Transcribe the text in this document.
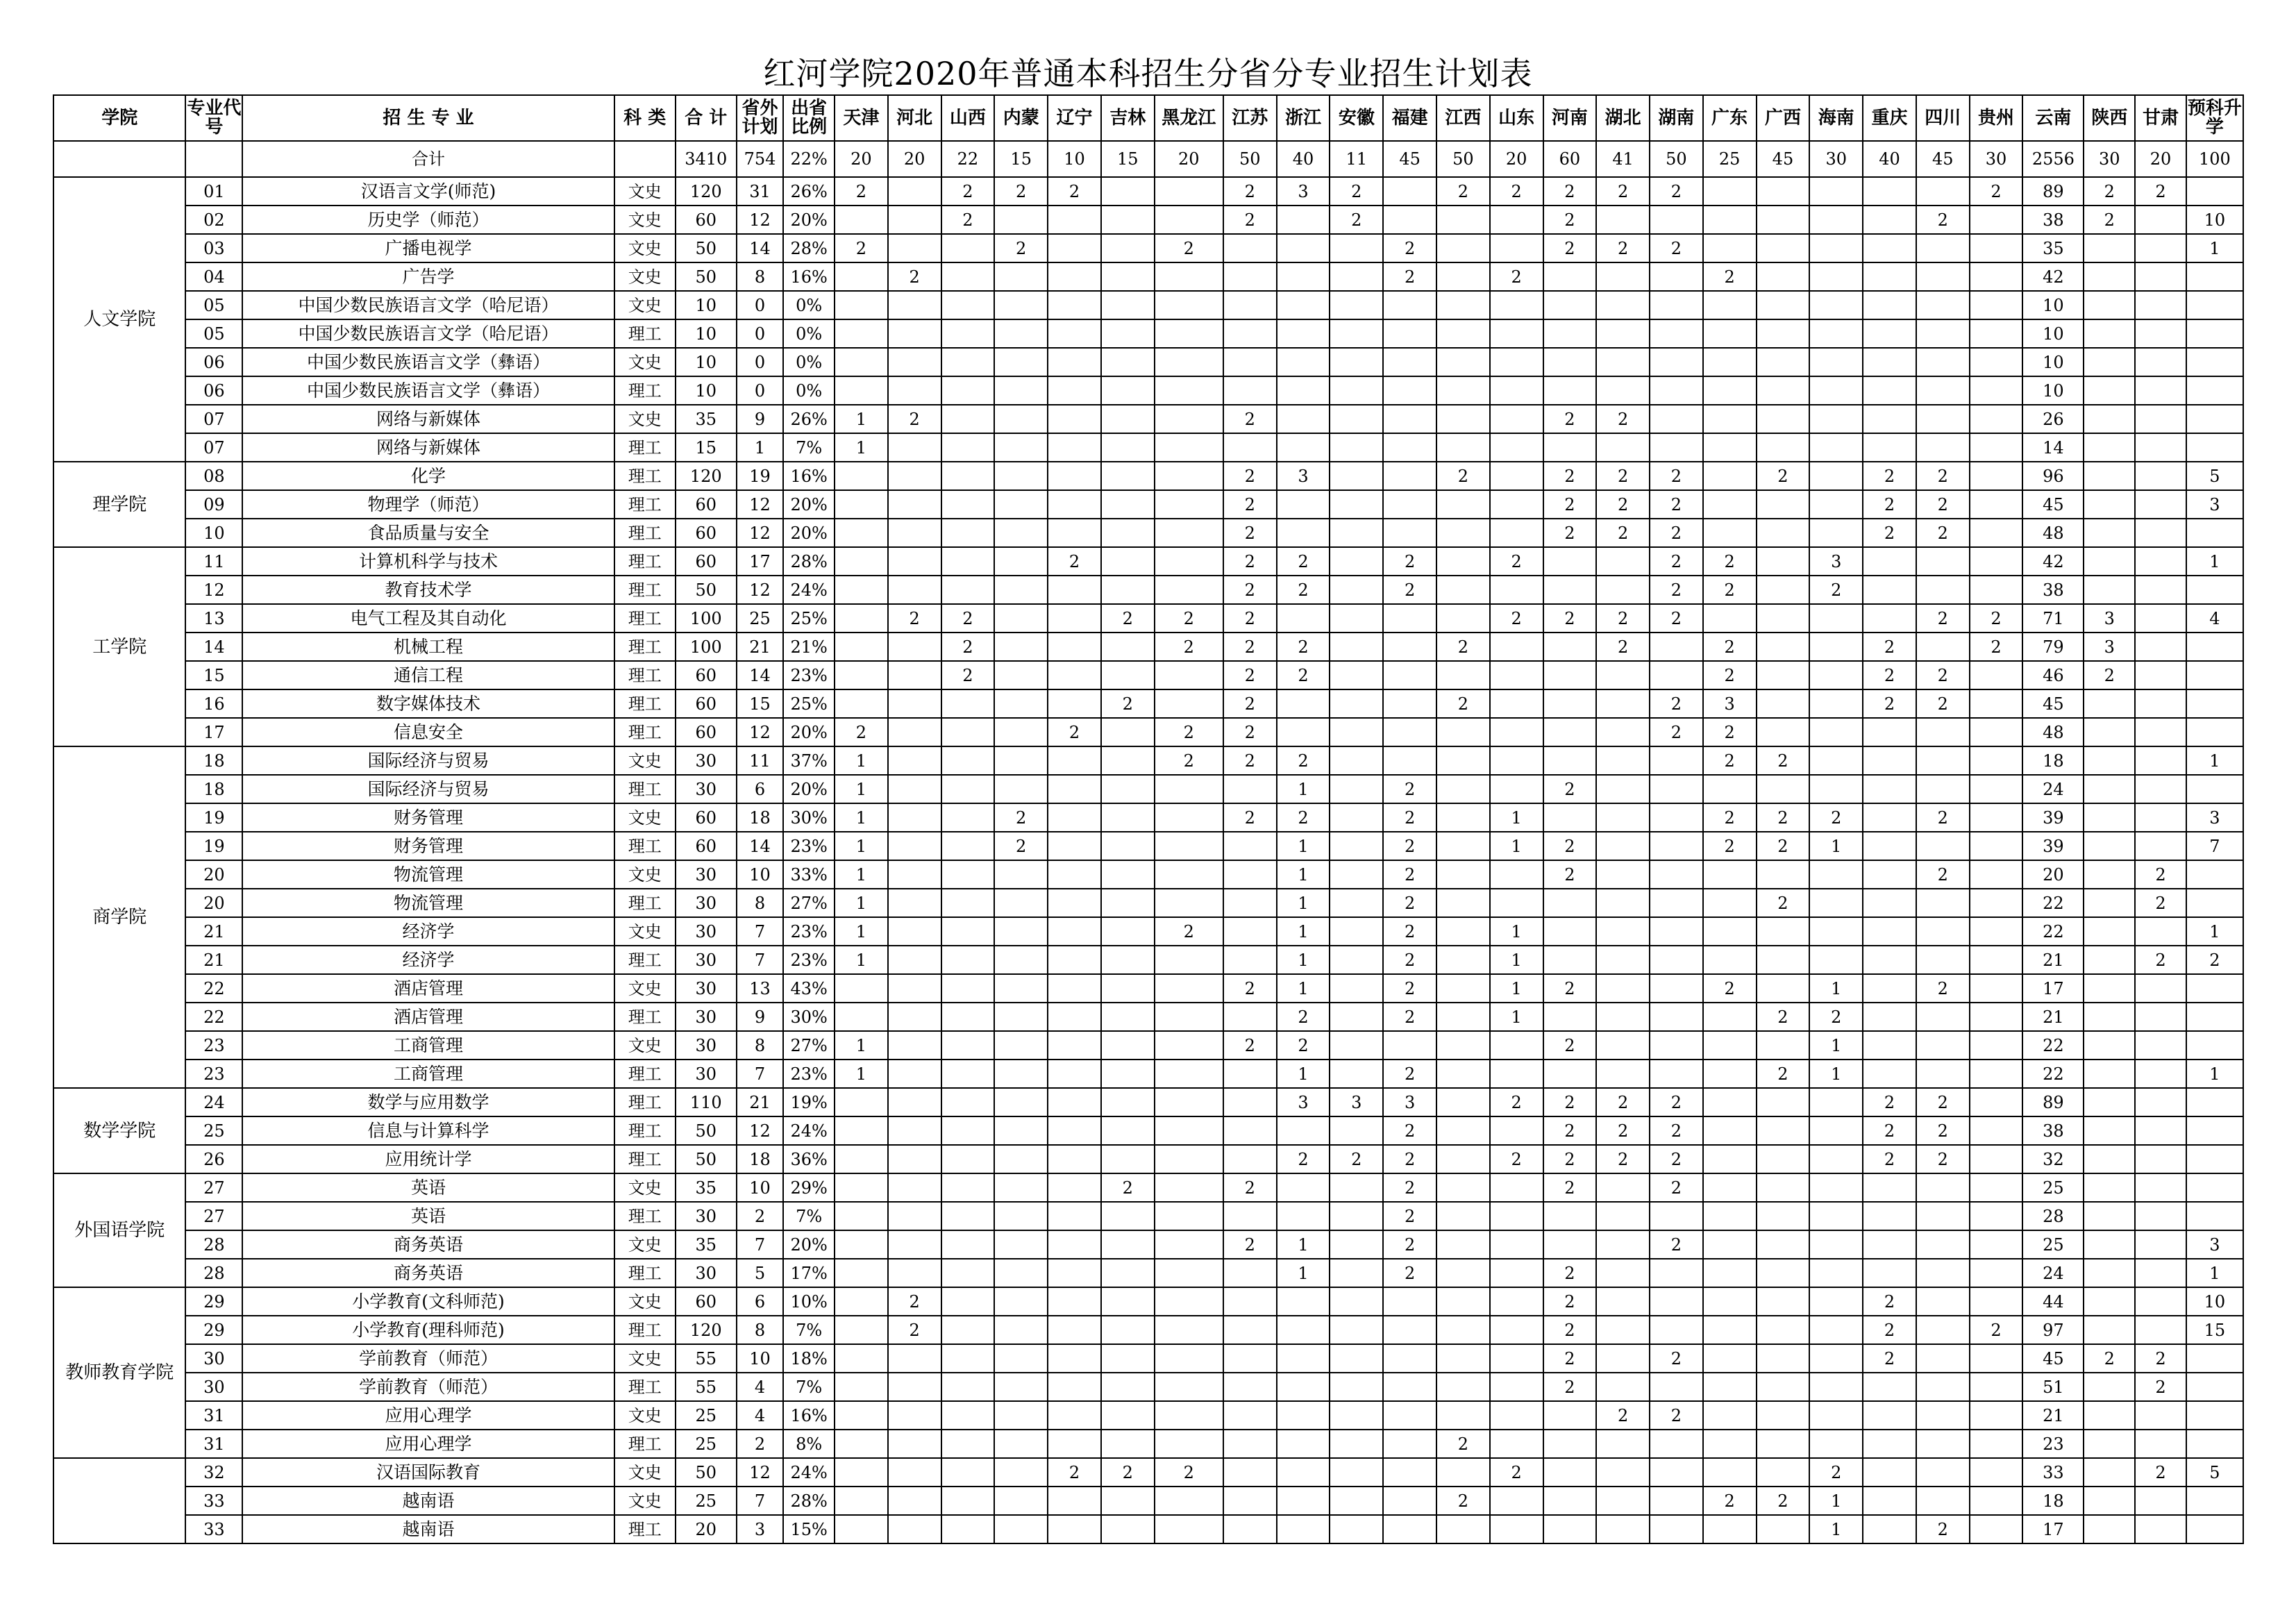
红河学院2020年普通本科招生分省分专业招生计划表
学院	专业代号	招 生 专 业	科 类	合 计	省外计划	出省比例	天津	河北	山西	内蒙	辽宁	吉林	黑龙江	江苏	浙江	安徽	福建	江西	山东	河南	湖北	湖南	广东	广西	海南	重庆	四川	贵州	云南	陕西	甘肃	预科升学
		合计		3410	754	22%	20	20	22	15	10	15	20	50	40	11	45	50	20	60	41	50	25	45	30	40	45	30	2556	30	20	100
人文学院	01	汉语言文学(师范)	文史	120	31	26%	2		2	2	2			2	3	2		2	2	2	2	2						2	89	2	2	
	02	历史学（师范）	文史	60	12	20%			2					2		2				2							2		38	2		10
	03	广播电视学	文史	50	14	28%	2			2			2				2			2	2	2							35			1
	04	广告学	文史	50	8	16%		2									2		2				2						42			
	05	中国少数民族语言文学（哈尼语）	文史	10	0	0%																							10			
	05	中国少数民族语言文学（哈尼语）	理工	10	0	0%																							10			
	06	中国少数民族语言文学（彝语）	文史	10	0	0%																							10			
	06	中国少数民族语言文学（彝语）	理工	10	0	0%																							10			
	07	网络与新媒体	文史	35	9	26%	1	2						2						2	2								26			
	07	网络与新媒体	理工	15	1	7%	1																						14			
理学院	08	化学	理工	120	19	16%								2	3			2		2	2	2		2		2	2		96			5
	09	物理学（师范）	理工	60	12	20%								2						2	2	2				2	2		45			3
	10	食品质量与安全	理工	60	12	20%								2						2	2	2				2	2		48			
工学院	11	计算机科学与技术	理工	60	17	28%					2			2	2		2		2			2	2		3				42			1
	12	教育技术学	理工	50	12	24%								2	2		2					2	2		2				38			
	13	电气工程及其自动化	理工	100	25	25%		2	2			2	2	2					2	2	2	2					2	2	71	3		4
	14	机械工程	理工	100	21	21%			2				2	2	2			2			2		2			2		2	79	3		
	15	通信工程	理工	60	14	23%			2					2	2								2			2	2		46	2		
	16	数字媒体技术	理工	60	15	25%						2		2				2				2	3			2	2		45			
	17	信息安全	理工	60	12	20%	2				2		2	2								2	2						48			
商学院	18	国际经济与贸易	文史	30	11	37%	1						2	2	2								2	2					18			1
	18	国际经济与贸易	理工	30	6	20%	1								1		2			2									24			
	19	财务管理	文史	60	18	30%	1			2				2	2		2		1				2	2	2		2		39			3
	19	财务管理	理工	60	14	23%	1			2					1		2		1	2			2	2	1				39			7
	20	物流管理	文史	30	10	33%	1								1		2			2							2		20		2	
	20	物流管理	理工	30	8	27%	1								1		2							2					22		2	
	21	经济学	文史	30	7	23%	1						2		1		2		1										22			1
	21	经济学	理工	30	7	23%	1								1		2		1										21		2	2
	22	酒店管理	文史	30	13	43%								2	1		2		1	2			2		1		2		17			
	22	酒店管理	理工	30	9	30%									2		2		1					2	2				21			
	23	工商管理	文史	30	8	27%	1							2	2					2					1				22			
	23	工商管理	理工	30	7	23%	1								1		2							2	1				22			1
数学学院	24	数学与应用数学	理工	110	21	19%									3	3	3		2	2	2	2				2	2		89			
	25	信息与计算科学	理工	50	12	24%											2			2	2	2				2	2		38			
	26	应用统计学	理工	50	18	36%									2	2	2		2	2	2	2				2	2		32			
外国语学院	27	英语	文史	35	10	29%						2		2			2			2		2							25			
	27	英语	理工	30	2	7%											2												28			
	28	商务英语	文史	35	7	20%								2	1		2					2							25			3
	28	商务英语	理工	30	5	17%									1		2			2									24			1
教师教育学院	29	小学教育(文科师范)	文史	60	6	10%		2												2						2			44			10
	29	小学教育(理科师范)	理工	120	8	7%		2												2						2		2	97			15
	30	学前教育（师范）	文史	55	10	18%														2		2				2			45	2	2	
	30	学前教育（师范）	理工	55	4	7%														2									51		2	
	31	应用心理学	文史	25	4	16%															2	2							21			
	31	应用心理学	理工	25	2	8%												2											23			
	32	汉语国际教育	文史	50	12	24%					2	2	2						2						2				33		2	5
	33	越南语	文史	25	7	28%												2					2	2	1				18			
	33	越南语	理工	20	3	15%																			1		2		17			
